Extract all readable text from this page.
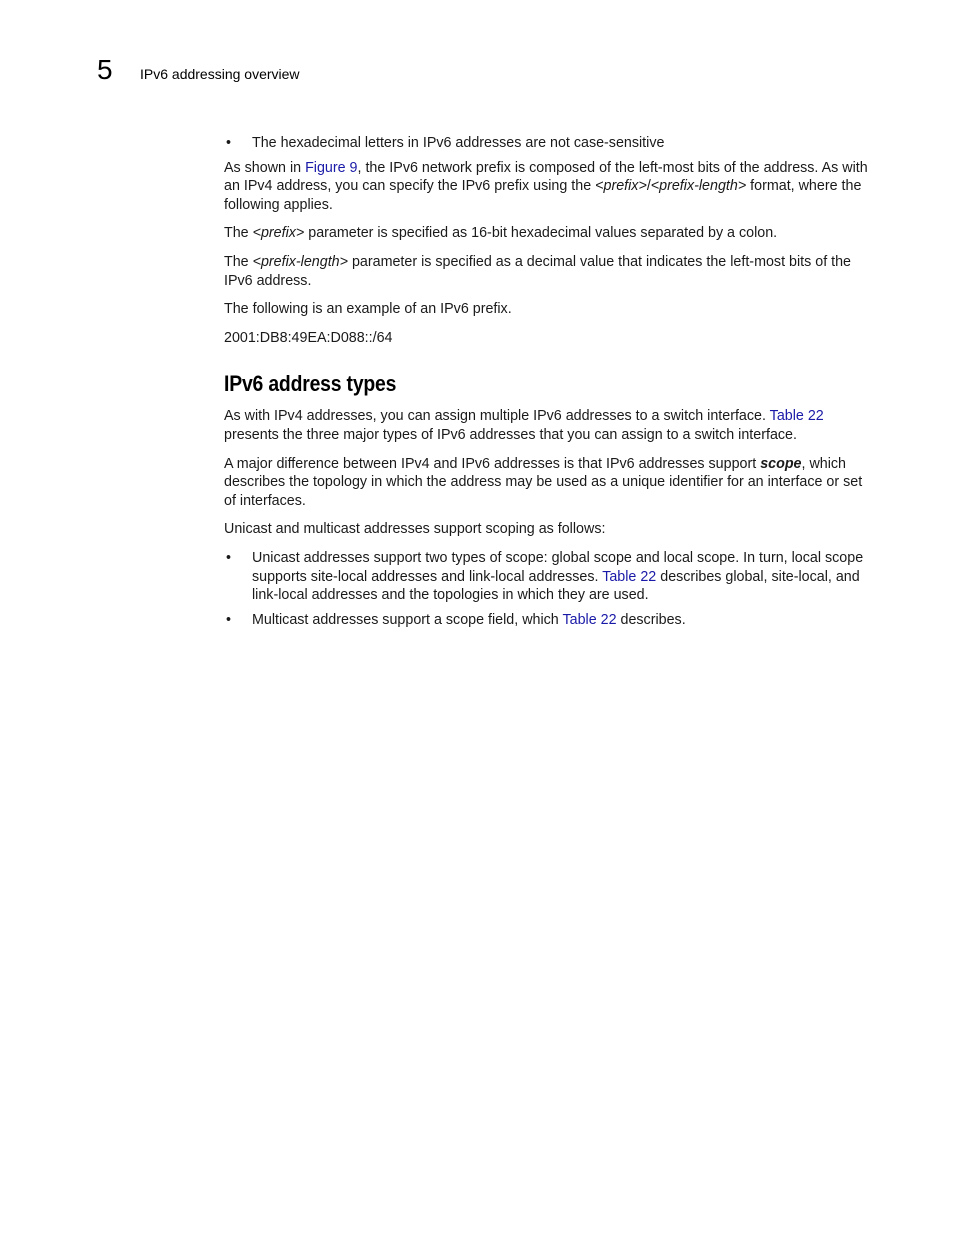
5 IPv6 addressing overview

• The hexadecimal letters in IPv6 addresses are not case-sensitive

As shown in Figure 9, the IPv6 network prefix is composed of the left-most bits of the address. As with an IPv4 address, you can specify the IPv6 prefix using the <prefix>/<prefix-length> format, where the following applies.

The <prefix> parameter is specified as 16-bit hexadecimal values separated by a colon.

The <prefix-length> parameter is specified as a decimal value that indicates the left-most bits of the IPv6 address.

The following is an example of an IPv6 prefix.

2001:DB8:49EA:D088::/64

IPv6 address types

As with IPv4 addresses, you can assign multiple IPv6 addresses to a switch interface. Table 22 presents the three major types of IPv6 addresses that you can assign to a switch interface.

A major difference between IPv4 and IPv6 addresses is that IPv6 addresses support scope, which describes the topology in which the address may be used as a unique identifier for an interface or set of interfaces.

Unicast and multicast addresses support scoping as follows:

• Unicast addresses support two types of scope: global scope and local scope. In turn, local scope supports site-local addresses and link-local addresses. Table 22 describes global, site-local, and link-local addresses and the topologies in which they are used.

• Multicast addresses support a scope field, which Table 22 describes.
